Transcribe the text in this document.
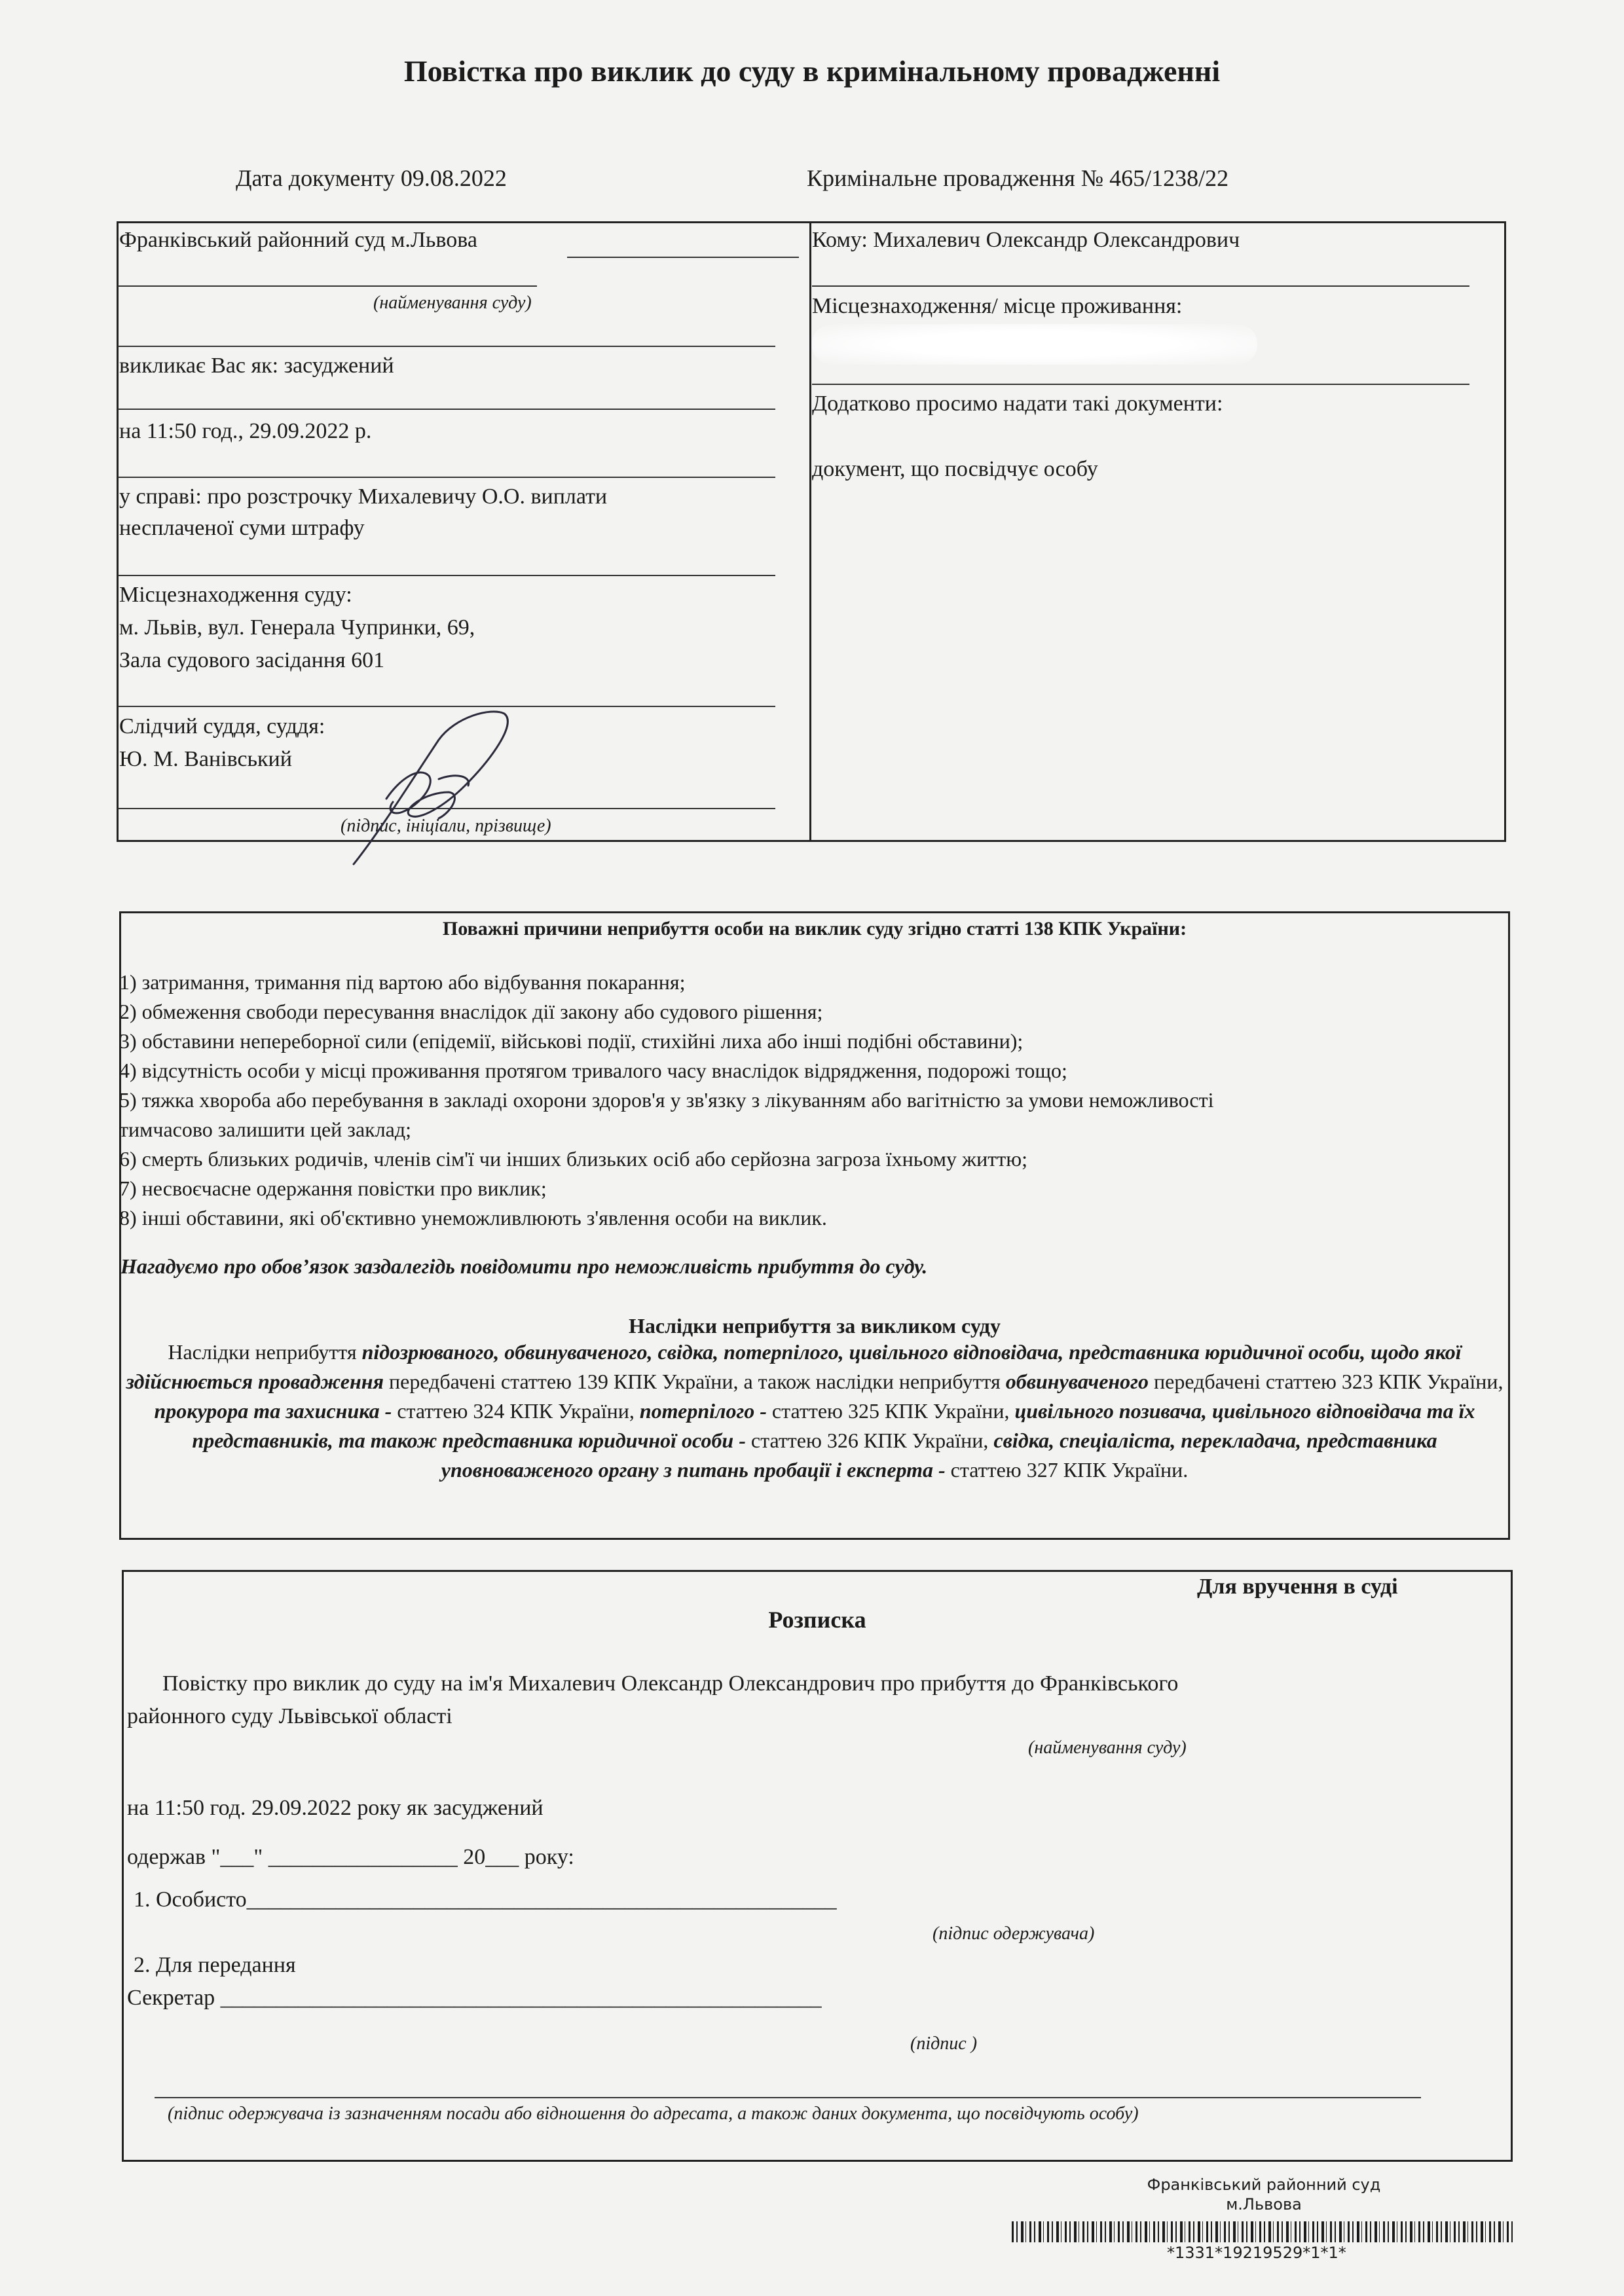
Повістка про виклик до суду в кримінальному провадженні
Дата документу 09.08.2022	Кримінальне провадження № 465/1238/22
Франківський районний суд м.Львова
(найменування суду)
викликає Вас як: засуджений
на 11:50 год., 29.09.2022 р.
у справі: про розстрочку Михалевичу О.О. виплати
несплаченої суми штрафу
Місцезнаходження суду:
м. Львів, вул. Генерала Чупринки, 69,
Зала судового засідання 601
Слідчий суддя, суддя:
Ю. М. Ванівський
(підпис, ініціали, прізвище)
Кому: Михалевич Олександр Олександрович
Місцезнаходження/ місце проживання:
Додатково просимо надати такі документи:
документ, що посвідчує особу
Поважні причини неприбуття особи на виклик суду згідно статті 138 КПК України:
1) затримання, тримання під вартою або відбування покарання;
2) обмеження свободи пересування внаслідок дії закону або судового рішення;
3) обставини непереборної сили (епідемії, військові події, стихійні лиха або інші подібні обставини);
4) відсутність особи у місці проживання протягом тривалого часу внаслідок відрядження, подорожі тощо;
5) тяжка хвороба або перебування в закладі охорони здоров'я у зв'язку з лікуванням або вагітністю за умови неможливості
тимчасово залишити цей заклад;
6) смерть близьких родичів, членів сім'ї чи інших близьких осіб або серйозна загроза їхньому життю;
7) несвоєчасне одержання повістки про виклик;
8) інші обставини, які об'єктивно унеможливлюють з'явлення особи на виклик.
Нагадуємо про обов’язок заздалегідь повідомити про неможливість прибуття до суду.
Наслідки неприбуття за викликом суду
Наслідки неприбуття підозрюваного, обвинуваченого, свідка, потерпілого, цивільного відповідача, представника юридичної особи, щодо якої здійснюється провадження передбачені статтею 139 КПК України, а також наслідки неприбуття обвинуваченого передбачені статтею 323 КПК України, прокурора та захисника - статтею 324 КПК України, потерпілого - статтею 325 КПК України, цивільного позивача, цивільного відповідача та їх представників, та також представника юридичної особи - статтею 326 КПК України, свідка, спеціаліста, перекладача, представника уповноваженого органу з питань пробації і експерта - статтею 327 КПК України.
Для вручення в суді
Розписка
Повістку про виклик до суду на ім'я Михалевич Олександр Олександрович про прибуття до Франківського
районного суду Львівської області
(найменування суду)
на 11:50 год. 29.09.2022 року як засуджений
одержав "___" _________________ 20___ року:
1. Особисто_____________________________________________________
(підпис одержувача)
2. Для передання
Секретар ______________________________________________________
(підпис )
(підпис одержувача із зазначенням посади або відношення до адресата, а також даних документа, що посвідчують особу)
Франківський районний суд
м.Львова
*1331*19219529*1*1*
